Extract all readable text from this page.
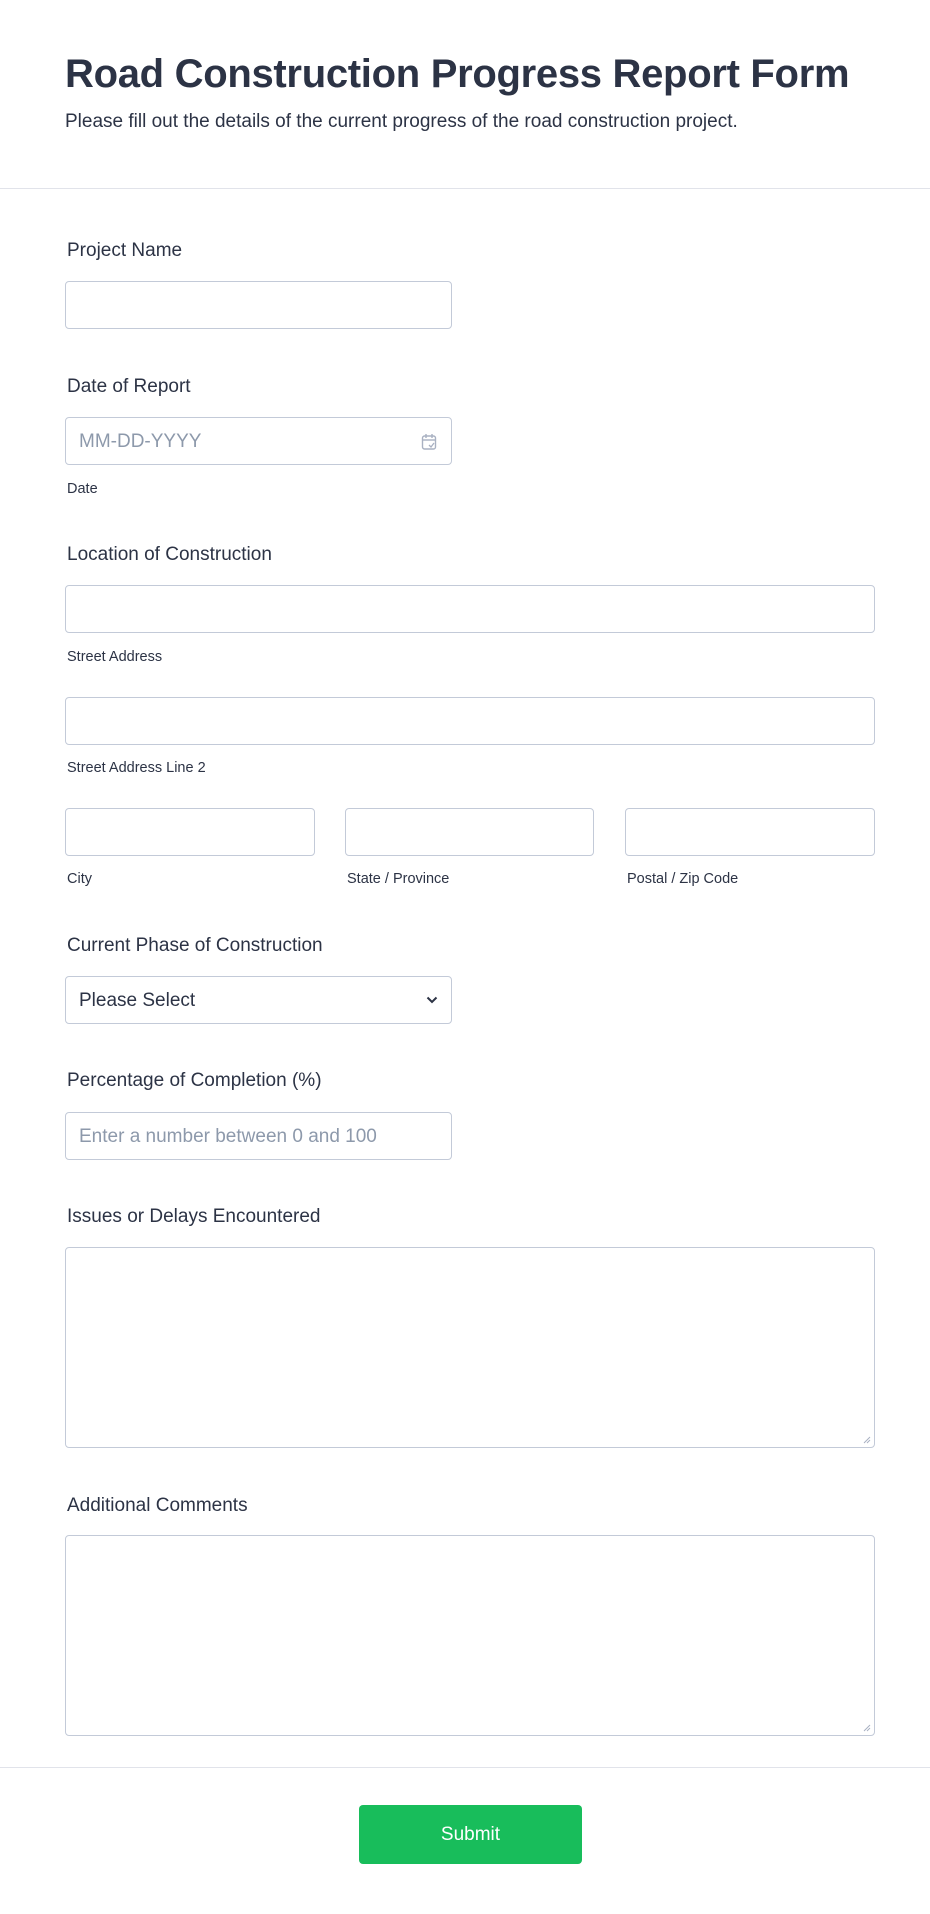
Road Construction Progress Report Form
Please fill out the details of the current progress of the road construction project.
Project Name
Date of Report
MM-DD-YYYY
Date
Location of Construction
Street Address
Street Address Line 2
City	State / Province	Postal / Zip Code
Current Phase of Construction
Please Select
Percentage of Completion (%)
Enter a number between 0 and 100
Issues or Delays Encountered
Additional Comments
Submit
